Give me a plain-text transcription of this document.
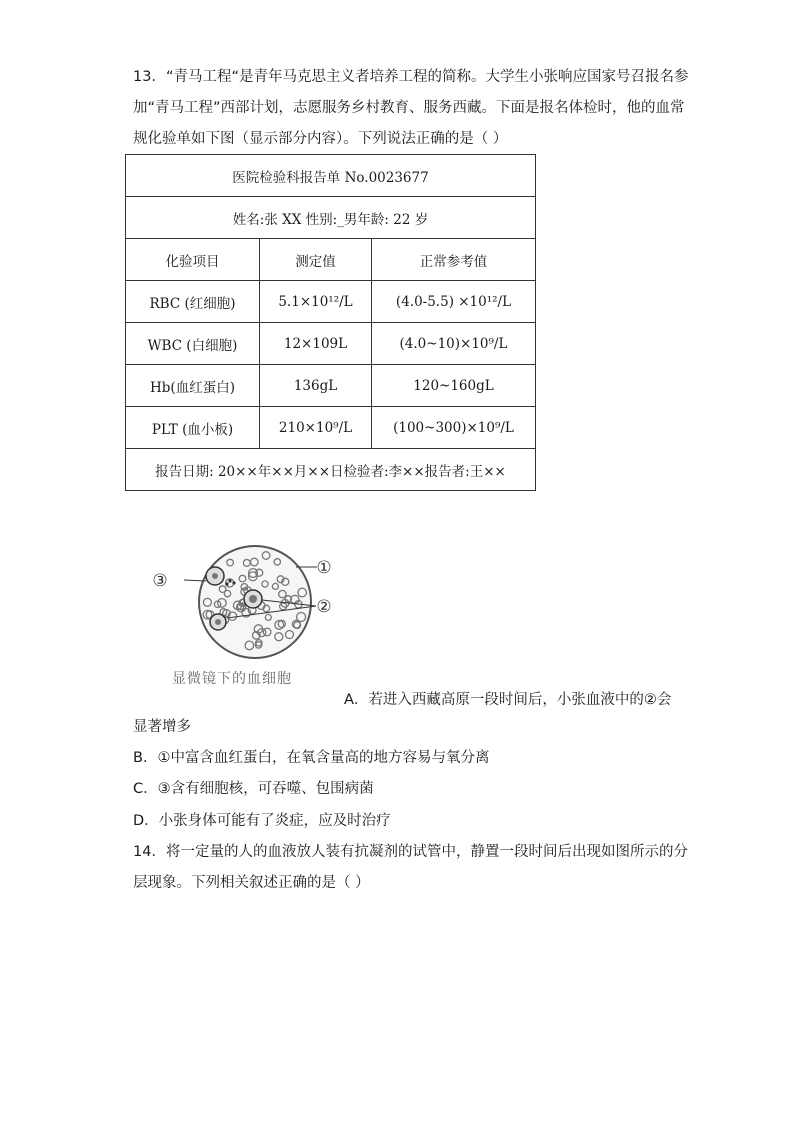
13．“青马工程“是青年马克思主义者培养工程的简称。大学生小张响应国家号召报名参
加“青马工程”西部计划，志愿服务乡村教育、服务西藏。下面是报名体检时，他的血常
规化验单如下图（显示部分内容）。下列说法正确的是（ ）
医院检验科报告单 No.0023677		
姓名:张 XX 性别:_男年龄: 22 岁		
化验项目	测定值	正常参考值
RBC (红细胞)	5.1×10¹²/L	(4.0-5.5) ×10¹²/L
WBC (白细胞)	12×109L	(4.0~10)×10⁹/L
Hb(血红蛋白)	136gL	120~160gL
PLT (血小板)	210×10⁹/L	(100~300)×10⁹/L
报告日期: 20××年××月××日检验者:李××报告者:王××		
①
②
③
显微镜下的血细胞
A．若进入西藏高原一段时间后，小张血液中的②会
显著增多
B．①中富含血红蛋白，在氧含量高的地方容易与氧分离
C．③含有细胞核，可吞噬、包围病菌
D．小张身体可能有了炎症，应及时治疗
14．将一定量的人的血液放人装有抗凝剂的试管中，静置一段时间后出现如图所示的分
层现象。下列相关叙述正确的是（ ）
